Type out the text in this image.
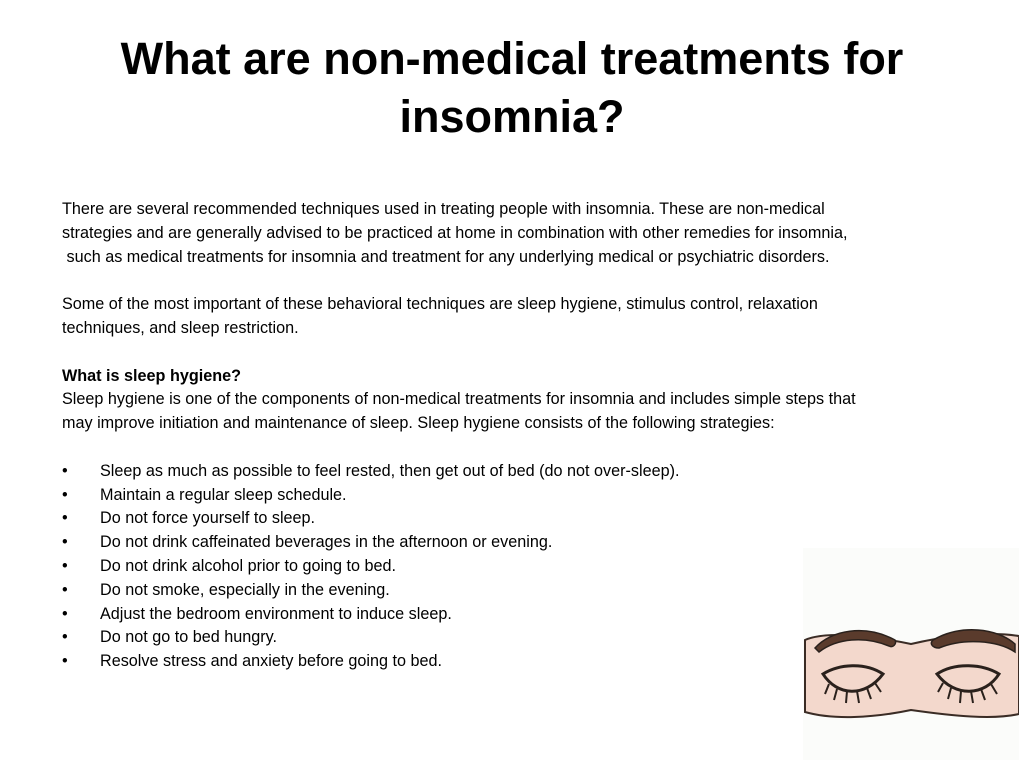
What are non-medical treatments for insomnia?

There are several recommended techniques used in treating people with insomnia. These are non-medical
strategies and are generally advised to be practiced at home in combination with other remedies for insomnia,
such as medical treatments for insomnia and treatment for any underlying medical or psychiatric disorders.

Some of the most important of these behavioral techniques are sleep hygiene, stimulus control, relaxation
techniques, and sleep restriction.

What is sleep hygiene?

Sleep hygiene is one of the components of non-medical treatments for insomnia and includes simple steps that
may improve initiation and maintenance of sleep. Sleep hygiene consists of the following strategies:

• Sleep as much as possible to feel rested, then get out of bed (do not over-sleep).
• Maintain a regular sleep schedule.
• Do not force yourself to sleep.
• Do not drink caffeinated beverages in the afternoon or evening.
• Do not drink alcohol prior to going to bed.
• Do not smoke, especially in the evening.
• Adjust the bedroom environment to induce sleep.
• Do not go to bed hungry.
• Resolve stress and anxiety before going to bed.
